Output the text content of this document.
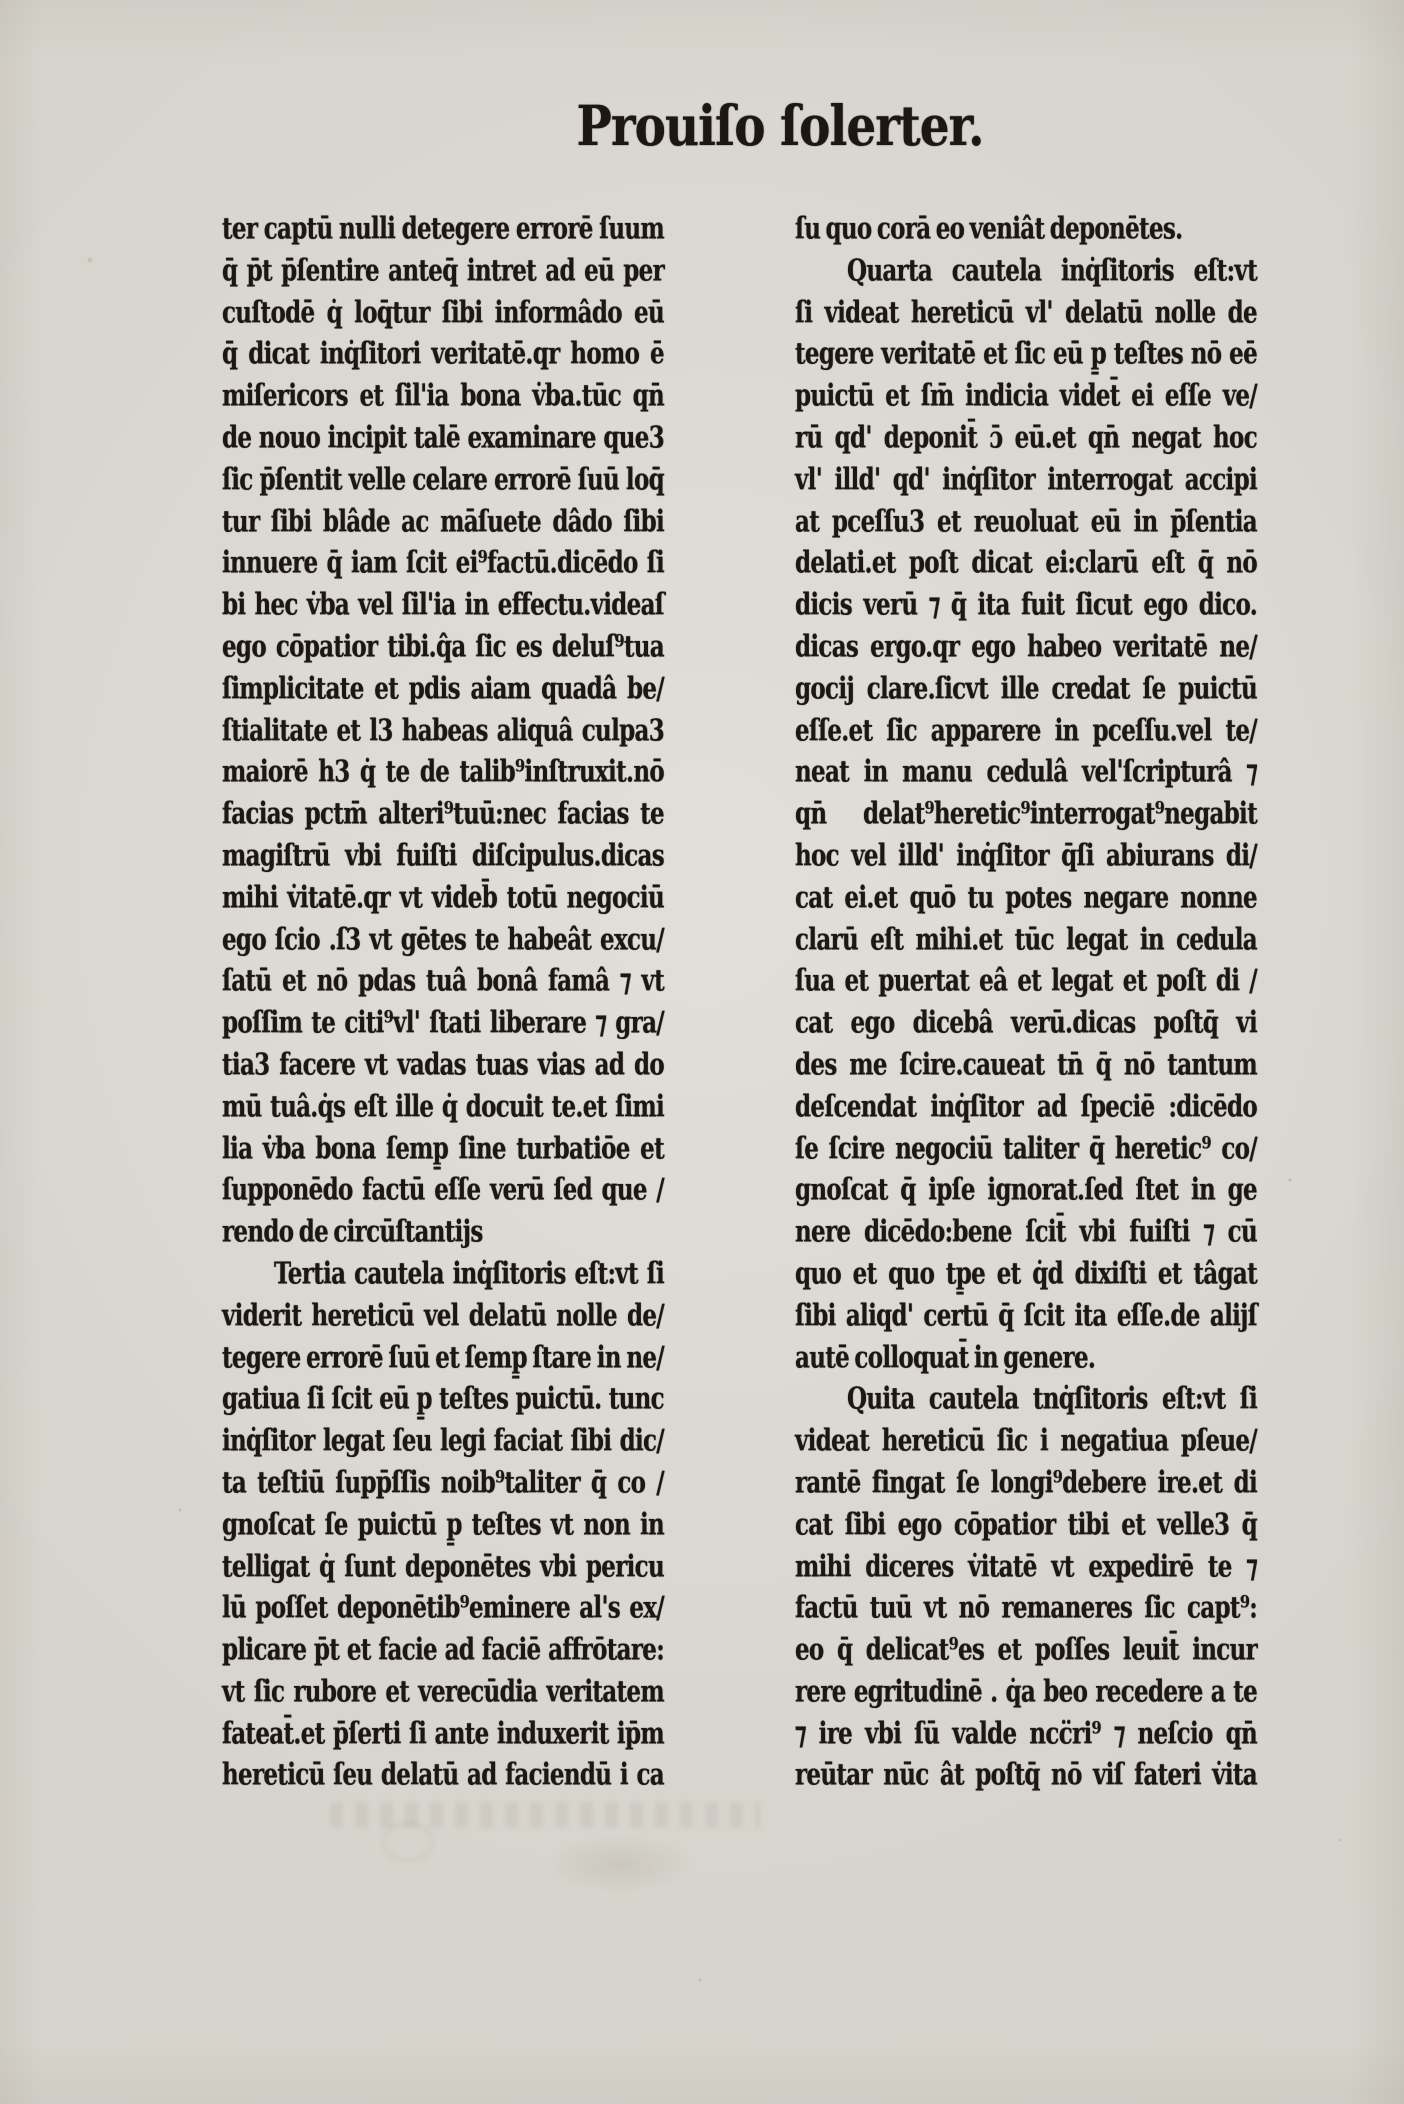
Prouiſo ſolerter.
ter captū nulli detegere errorē ſuum
q̄ p̄t p̄ſentire anteq̄ intret ad eū per
cuſtodē q̇ loq̄tur ſibi informâdo eū
q̄ dicat inq̇ſitori veritatē.qr homo ē
miſericors et ſil'ia bona v̇ba.tūc qn̄
de nouo incipit talē examinare que3
ſic p̄ſentit velle celare errorē ſuū loq̄
tur ſibi blâde ac māſuete dâdo ſibi
innuere q̄ iam ſcit ei⁹factū.dicēdo ſi
bi hec v̇ba vel ſil'ia in effectu.videaſ
ego cōpatior tibi.q̂a ſic es deluſ⁹tua
ſimplicitate et pdis aiam quadâ be/
ſtialitate et l3 habeas aliquâ culpa3
maiorē h3 q̇ te de talib⁹inſtruxit.nō
facias pctm̄ alteri⁹tuū:nec facias te
magiſtrū vbi fuiſti diſcipulus.dicas
mihi v̇itatē.qr vt videb̄ totū negociū
ego ſcio .ſ3 vt gētes te habeât excu/
ſatū et nō pdas tuâ bonâ famâ ⁊ vt
poſſim te citi⁹vl' ſtati liberare ⁊ gra/
tia3 facere vt vadas tuas vias ad do
mū tuâ.q̇s eſt ille q̇ docuit te.et ſimi
lia v̇ba bona ſemp̱ ſine turbatiōe et
ſupponēdo factū eſſe verū ſed que /
rendo de circūſtantijs
Tertia cautela inq̇ſitoris eſt:vt ſi
viderit hereticū vel delatū nolle de/
tegere errorē ſuū et ſemp̱ ſtare in ne/
gatiua ſi ſcit eū p̱ teſtes puictū. tunc
inq̇ſitor legat ſeu legi faciat ſibi dic/
ta teſtiū ſupp̄ſſis noib⁹taliter q̄ co /
gnoſcat ſe puictū p̱ teſtes vt non in
telligat q̇ ſunt deponētes vbi pericu
lū poſſet deponētib⁹eminere al's ex/
plicare p̄t et facie ad faciē affrōtare:
vt ſic rubore et verecūdia veritatem
fateat̄.et p̄ſerti ſi ante induxerit ip̄m
hereticū ſeu delatū ad faciendū i ca
ſu quo corā eo veniât deponētes.
Quarta cautela inq̇ſitoris eſt:vt
ſi videat hereticū vl' delatū nolle de
tegere veritatē et ſic eū p̱ teſtes nō eē
puictū et ſm̄ indicia videt̄ ei eſſe ve/
rū qd' deponit̄ ɔ̄ eū.et qn̄ negat hoc
vl' illd' qd' inq̇ſitor interrogat accipi
at pceſſu3 et reuoluat eū in p̄ſentia
delati.et poſt dicat ei:clarū eſt q̄ nō
dicis verū ⁊ q̄ ita fuit ſicut ego dico.
dicas ergo.qr ego habeo veritatē ne/
gocij clare.ſicvt ille credat ſe puictū
eſſe.et ſic apparere in pceſſu.vel te/
neat in manu cedulâ vel'ſcripturâ ⁊
qn̄ delat⁹heretic⁹interrogat⁹negabit
hoc vel illd' inq̇ſitor q̄ſi abiurans di/
cat ei.et quō tu potes negare nonne
clarū eſt mihi.et tūc legat in cedula
ſua et puertat eâ et legat et poſt di /
cat ego dicebâ verū.dicas poſtq̄ vi
des me ſcire.caueat tn̄ q̄ nō tantum
deſcendat inq̇ſitor ad ſpeciē :dicēdo
ſe ſcire negociū taliter q̄ heretic⁹ co/
gnoſcat q̄ ipſe ignorat.ſed ſtet in ge
nere dicēdo:bene ſcit̄ vbi fuiſti ⁊ cū
quo et quo tp̱e et q̇d dixiſti et tâgat
ſibi aliqd' certū q̄ ſcit ita eſſe.de alijſ
autē colloquat̄ in genere.
Quita cautela tnq̇ſitoris eſt:vt ſi
videat hereticū ſic i negatiua pſeue/
rantē fingat ſe longi⁹debere ire.et di
cat ſibi ego cōpatior tibi et velle3 q̄
mihi diceres v̇itatē vt expedirē te ⁊
factū tuū vt nō remaneres ſic capt⁹:
eo q̄ delicat⁹es et poſſes leuit̄ incur
rere egritudinē . q̇a beo recedere a te
⁊ ire vbi ſū valde ncc̈ri⁹ ⁊ neſcio qn̄
reūtar nūc ât poſtq̄ nō viſ fateri v̇ita
